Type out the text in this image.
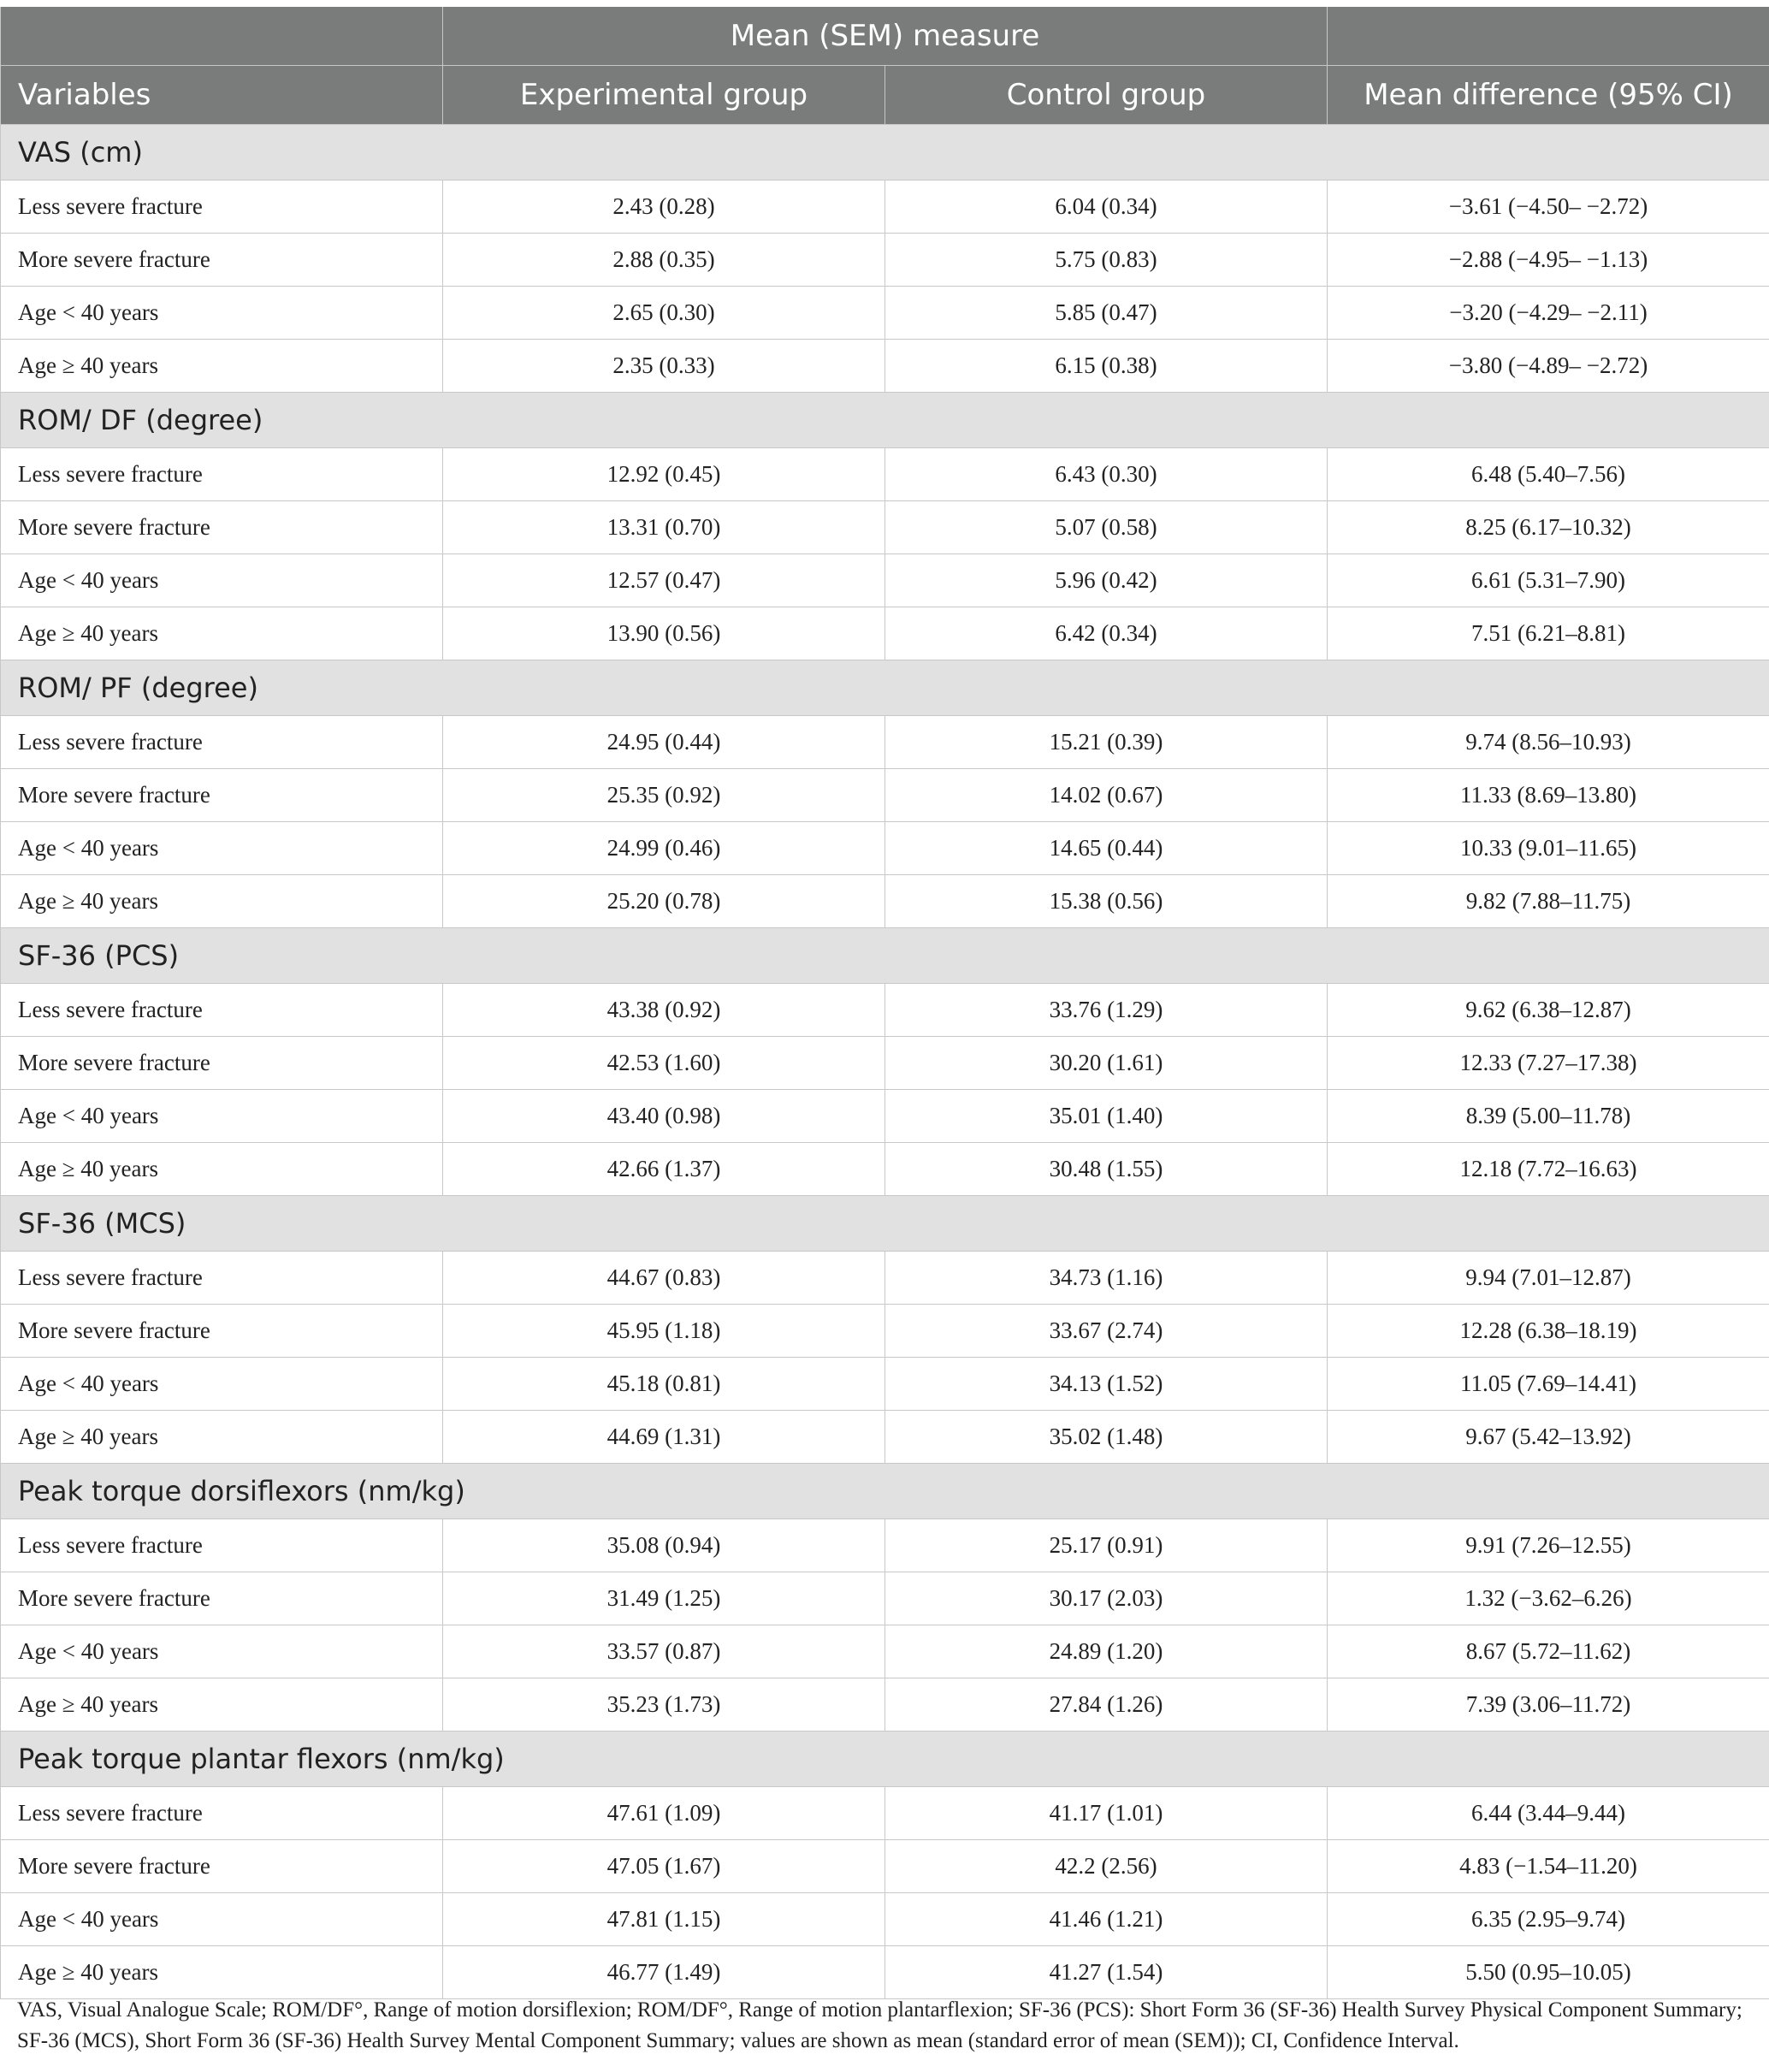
	Mean (SEM) measure		
Variables	Experimental group	Control group	Mean difference (95% CI)
VAS (cm)			
Less severe fracture	2.43 (0.28)	6.04 (0.34)	−3.61 (−4.50– −2.72)
More severe fracture	2.88 (0.35)	5.75 (0.83)	−2.88 (−4.95– −1.13)
Age < 40 years	2.65 (0.30)	5.85 (0.47)	−3.20 (−4.29– −2.11)
Age ≥ 40 years	2.35 (0.33)	6.15 (0.38)	−3.80 (−4.89– −2.72)
ROM/ DF (degree)			
Less severe fracture	12.92 (0.45)	6.43 (0.30)	6.48 (5.40–7.56)
More severe fracture	13.31 (0.70)	5.07 (0.58)	8.25 (6.17–10.32)
Age < 40 years	12.57 (0.47)	5.96 (0.42)	6.61 (5.31–7.90)
Age ≥ 40 years	13.90 (0.56)	6.42 (0.34)	7.51 (6.21–8.81)
ROM/ PF (degree)			
Less severe fracture	24.95 (0.44)	15.21 (0.39)	9.74 (8.56–10.93)
More severe fracture	25.35 (0.92)	14.02 (0.67)	11.33 (8.69–13.80)
Age < 40 years	24.99 (0.46)	14.65 (0.44)	10.33 (9.01–11.65)
Age ≥ 40 years	25.20 (0.78)	15.38 (0.56)	9.82 (7.88–11.75)
SF-36 (PCS)			
Less severe fracture	43.38 (0.92)	33.76 (1.29)	9.62 (6.38–12.87)
More severe fracture	42.53 (1.60)	30.20 (1.61)	12.33 (7.27–17.38)
Age < 40 years	43.40 (0.98)	35.01 (1.40)	8.39 (5.00–11.78)
Age ≥ 40 years	42.66 (1.37)	30.48 (1.55)	12.18 (7.72–16.63)
SF-36 (MCS)			
Less severe fracture	44.67 (0.83)	34.73 (1.16)	9.94 (7.01–12.87)
More severe fracture	45.95 (1.18)	33.67 (2.74)	12.28 (6.38–18.19)
Age < 40 years	45.18 (0.81)	34.13 (1.52)	11.05 (7.69–14.41)
Age ≥ 40 years	44.69 (1.31)	35.02 (1.48)	9.67 (5.42–13.92)
Peak torque dorsiflexors (nm/kg)			
Less severe fracture	35.08 (0.94)	25.17 (0.91)	9.91 (7.26–12.55)
More severe fracture	31.49 (1.25)	30.17 (2.03)	1.32 (−3.62–6.26)
Age < 40 years	33.57 (0.87)	24.89 (1.20)	8.67 (5.72–11.62)
Age ≥ 40 years	35.23 (1.73)	27.84 (1.26)	7.39 (3.06–11.72)
Peak torque plantar flexors (nm/kg)			
Less severe fracture	47.61 (1.09)	41.17 (1.01)	6.44 (3.44–9.44)
More severe fracture	47.05 (1.67)	42.2 (2.56)	4.83 (−1.54–11.20)
Age < 40 years	47.81 (1.15)	41.46 (1.21)	6.35 (2.95–9.74)
Age ≥ 40 years	46.77 (1.49)	41.27 (1.54)	5.50 (0.95–10.05)
VAS, Visual Analogue Scale; ROM/DF°, Range of motion dorsiflexion; ROM/DF°, Range of motion plantarflexion; SF-36 (PCS): Short Form 36 (SF-36) Health Survey Physical Component Summary; SF-36 (MCS), Short Form 36 (SF-36) Health Survey Mental Component Summary; values are shown as mean (standard error of mean (SEM)); CI, Confidence Interval.
